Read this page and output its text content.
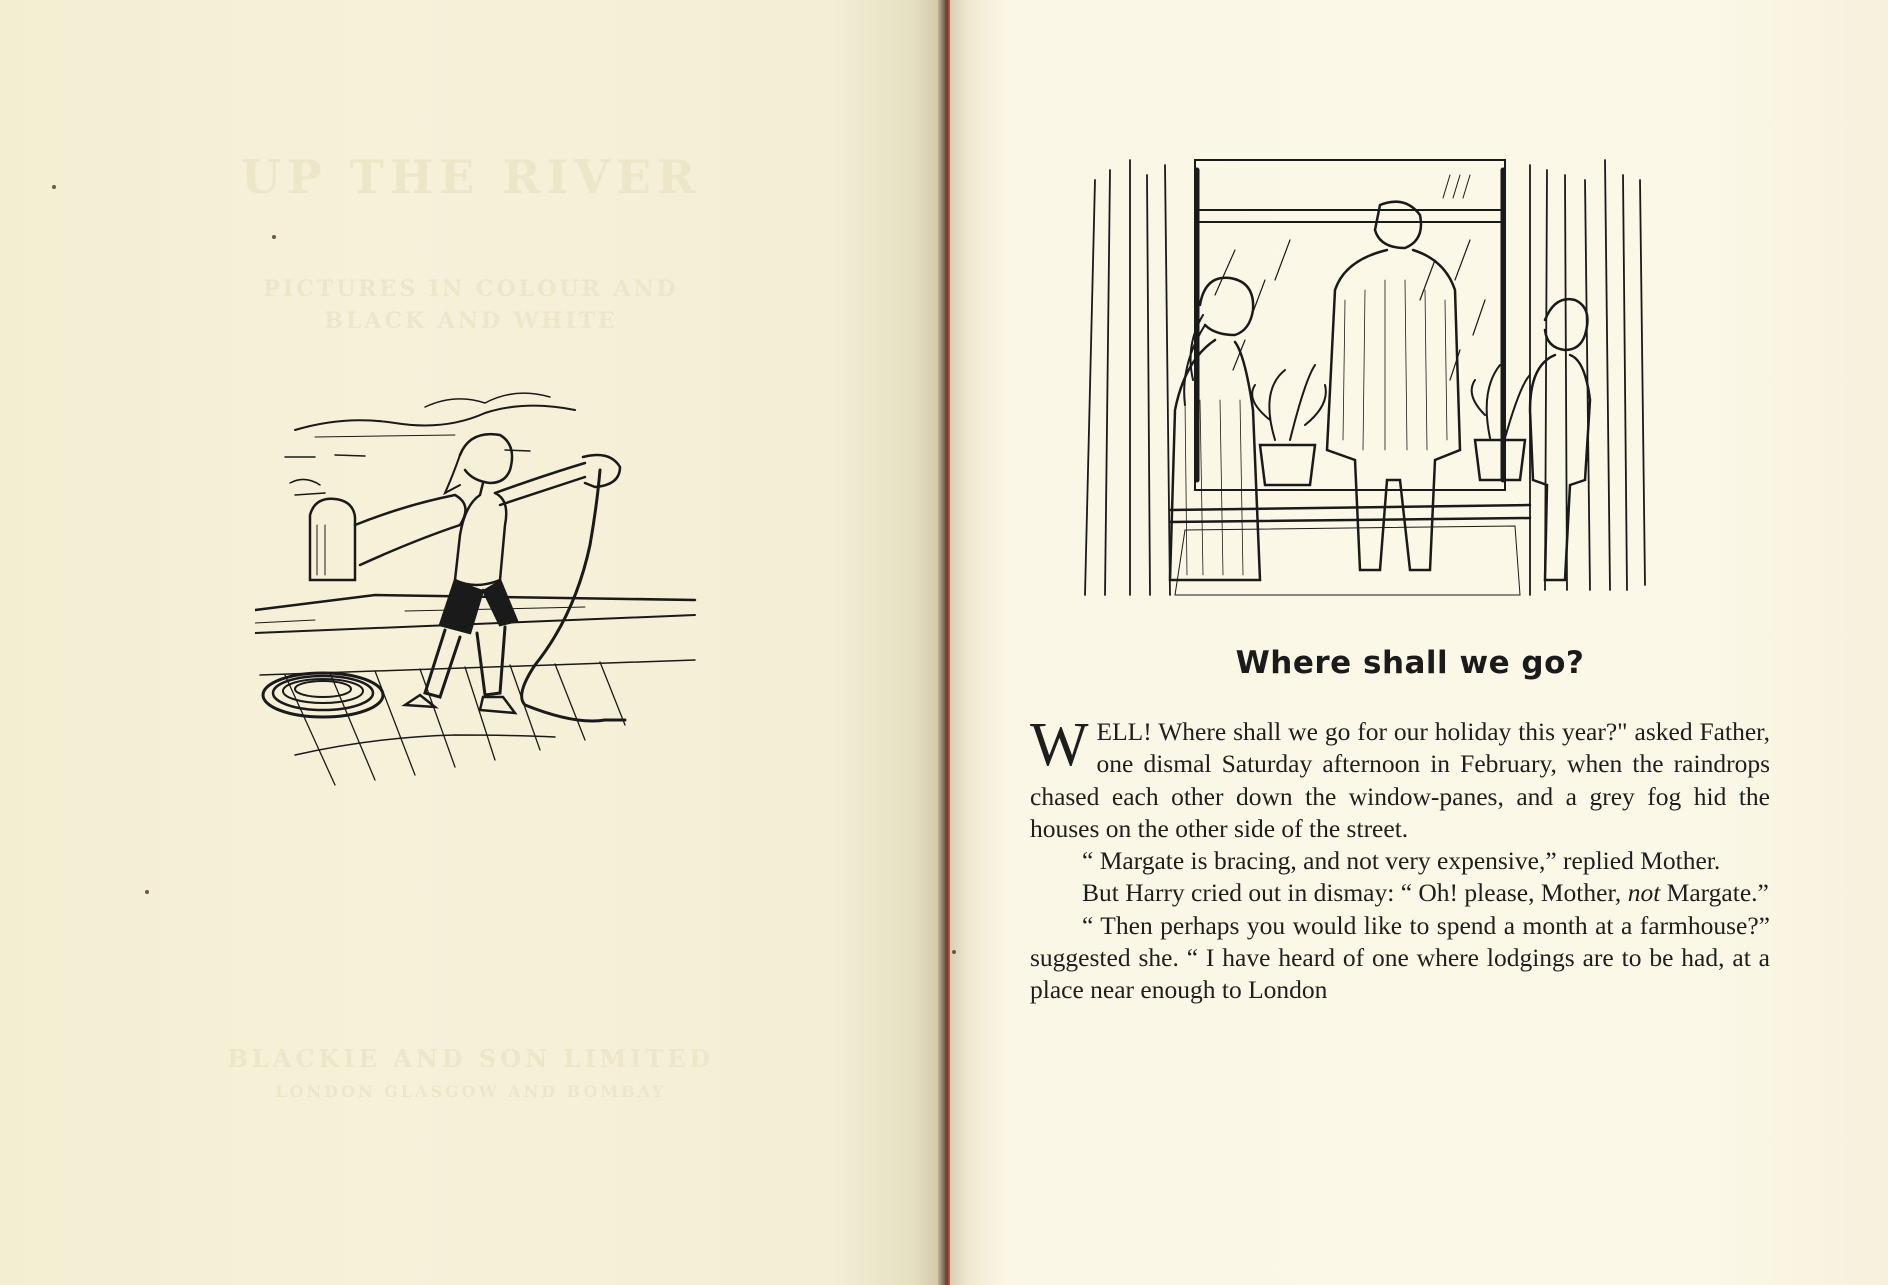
UP THE RIVER
PICTURES IN COLOUR AND
BLACK AND WHITE
BLACKIE AND SON LIMITED
LONDON GLASGOW AND BOMBAY
Where shall we go?

WELL! Where shall we go for our holiday this year?" asked Father, one dismal Saturday afternoon in February, when the raindrops chased each other down the window-panes, and a grey fog hid the houses on the other side of the street.

“ Margate is bracing, and not very expensive,” replied Mother.

But Harry cried out in dismay: “ Oh! please, Mother, not Margate.”

“ Then perhaps you would like to spend a month at a farmhouse?” suggested she. “ I have heard of one where lodgings are to be had, at a place near enough to London
